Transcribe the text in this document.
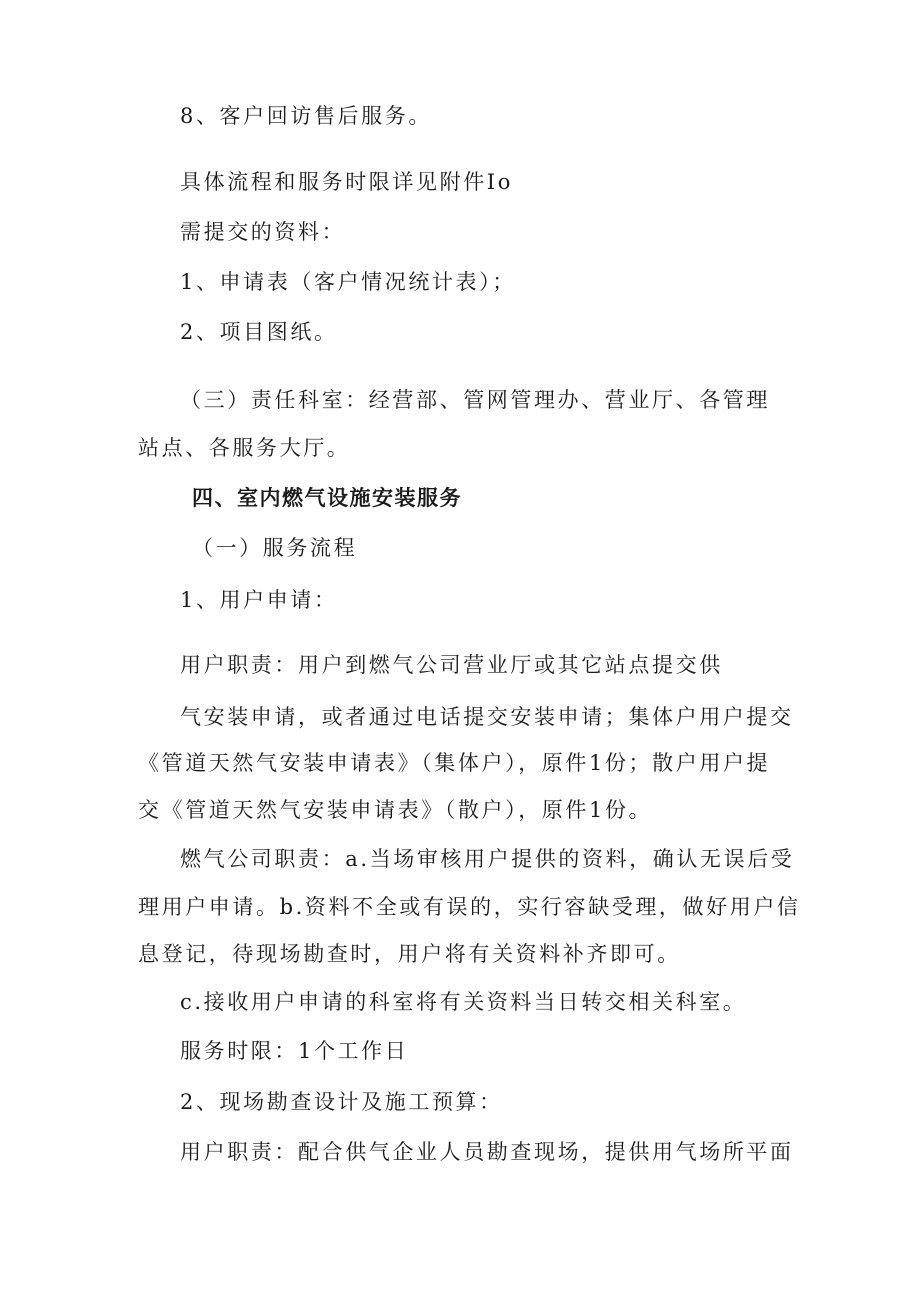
8、客户回访售后服务。
具体流程和服务时限详见附件Io
需提交的资料：
1、申请表（客户情况统计表）；
2、项目图纸。
（三）责任科室：经营部、管网管理办、营业厅、各管理
站点、各服务大厅。
四、室内燃气设施安装服务
（一）服务流程
1、用户申请：
用户职责：用户到燃气公司营业厅或其它站点提交供
气安装申请，或者通过电话提交安装申请；集体户用户提交
《管道天然气安装申请表》（集体户），原件1份；散户用户提
交《管道天然气安装申请表》（散户），原件1份。
燃气公司职责：a.当场审核用户提供的资料，确认无误后受
理用户申请。b.资料不全或有误的，实行容缺受理，做好用户信
息登记，待现场勘查时，用户将有关资料补齐即可。
c.接收用户申请的科室将有关资料当日转交相关科室。
服务时限：1个工作日
2、现场勘查设计及施工预算：
用户职责：配合供气企业人员勘查现场，提供用气场所平面
